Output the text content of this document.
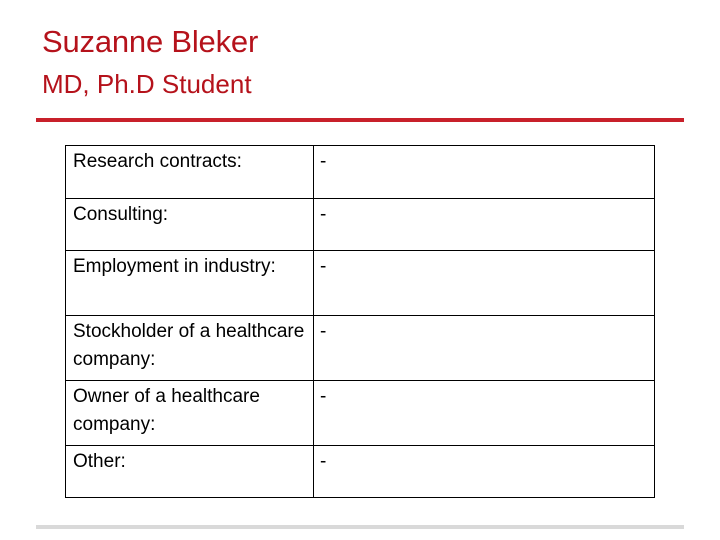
Suzanne Bleker
MD, Ph.D Student
Research contracts:	-
Consulting:	-
Employment in industry:	-
Stockholder of a healthcare company:	-
Owner of a healthcare company:	-
Other:	-
